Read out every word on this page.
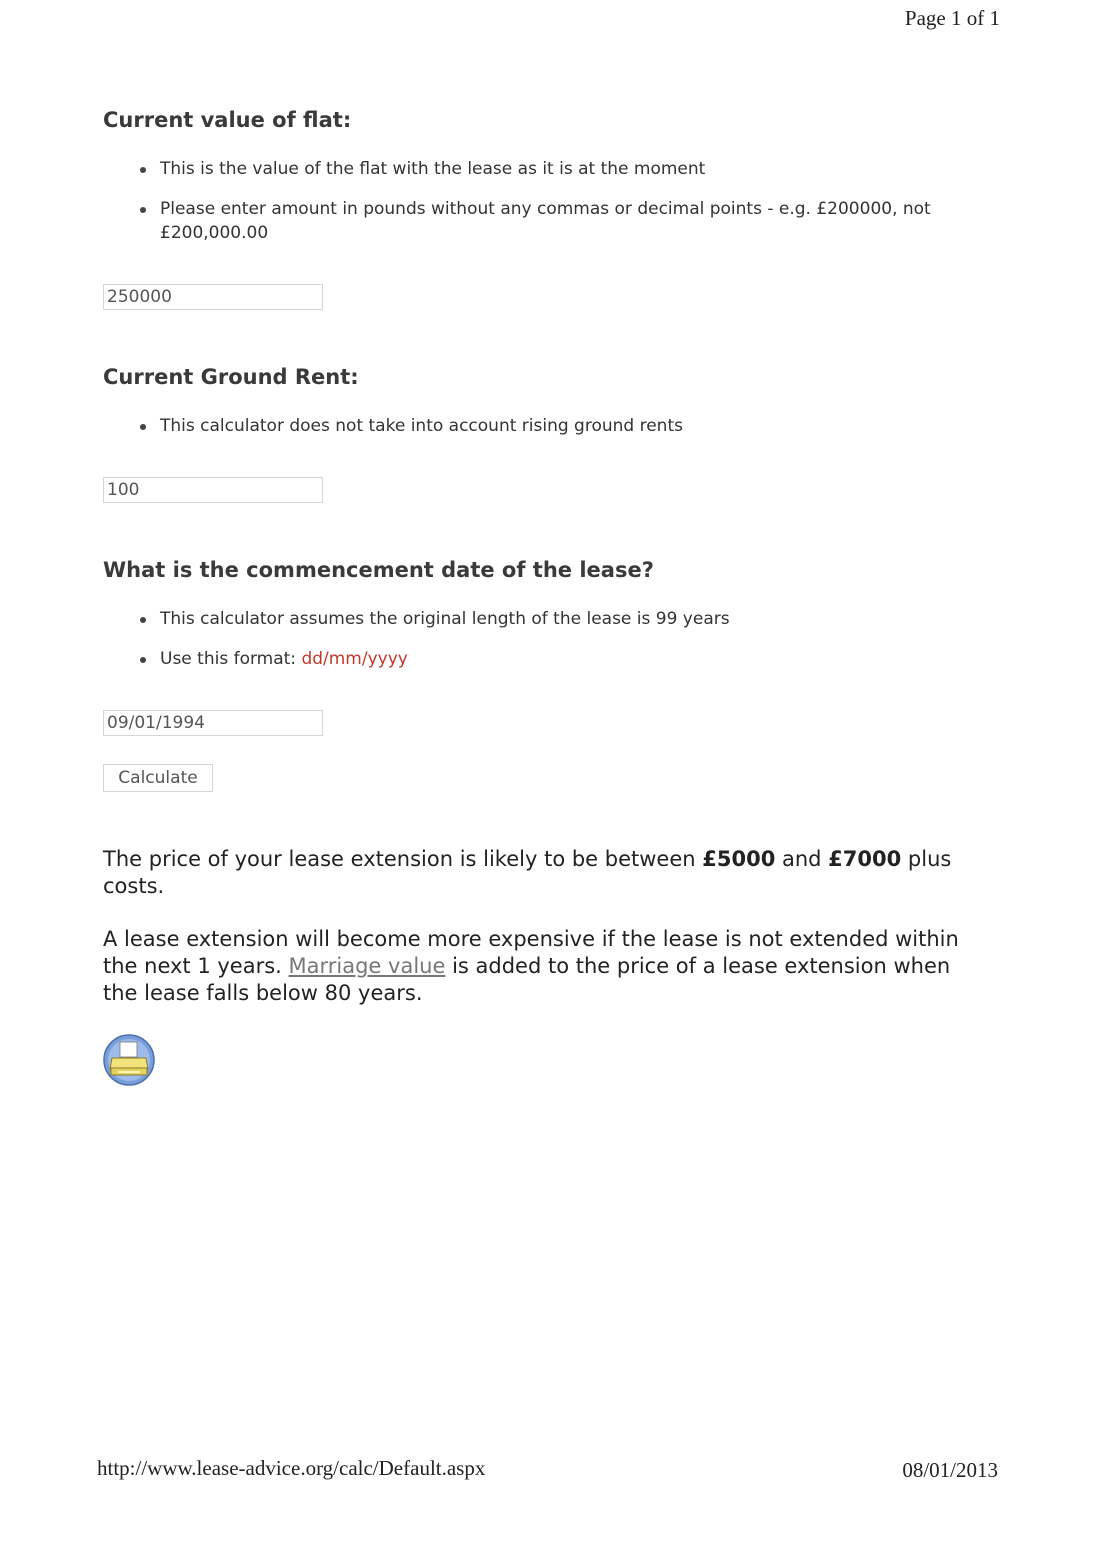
Page 1 of 1
Current value of flat:
This is the value of the flat with the lease as it is at the moment
Please enter amount in pounds without any commas or decimal points - e.g. £200000, not £200,000.00
250000
Current Ground Rent:
This calculator does not take into account rising ground rents
100
What is the commencement date of the lease?
This calculator assumes the original length of the lease is 99 years
Use this format: dd/mm/yyyy
09/01/1994
Calculate

The price of your lease extension is likely to be between £5000 and £7000 plus costs.

A lease extension will become more expensive if the lease is not extended within the next 1 years. Marriage value is added to the price of a lease extension when the lease falls below 80 years.

http://www.lease-advice.org/calc/Default.aspx	08/01/2013
